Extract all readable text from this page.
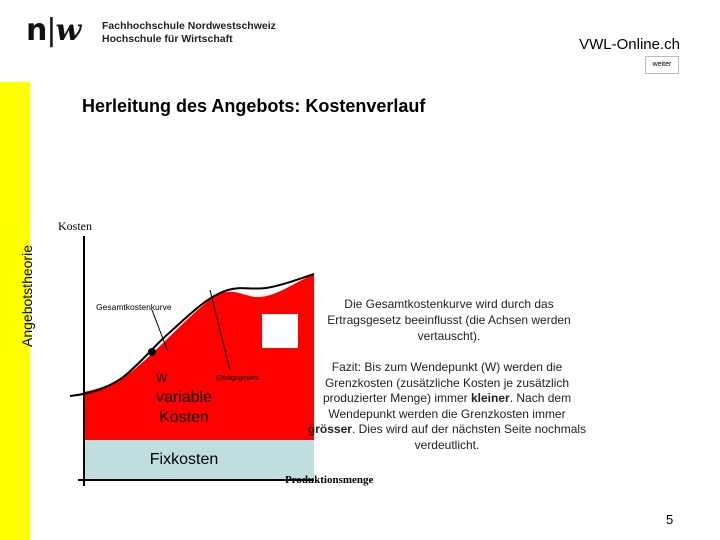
n|w Fachhochschule Nordwestschweiz
Hochschule für Wirtschaft	VWL-Online.ch
weiter
Angebotstheorie
Herleitung des Angebots: Kostenverlauf
Kosten
Produktionsmenge
Gesamtkostenkurve
Ertragsgesetz
W
variable
Kosten
Fixkosten
Die Gesamtkostenkurve wird durch das Ertragsgesetz beeinflusst (die Achsen werden vertauscht).
Fazit: Bis zum Wendepunkt (W) werden die Grenzkosten (zusätzliche Kosten je zusätzlich produzierter Menge) immer kleiner. Nach dem Wendepunkt werden die Grenzkosten immer grösser. Dies wird auf der nächsten Seite nochmals verdeutlicht.
5
